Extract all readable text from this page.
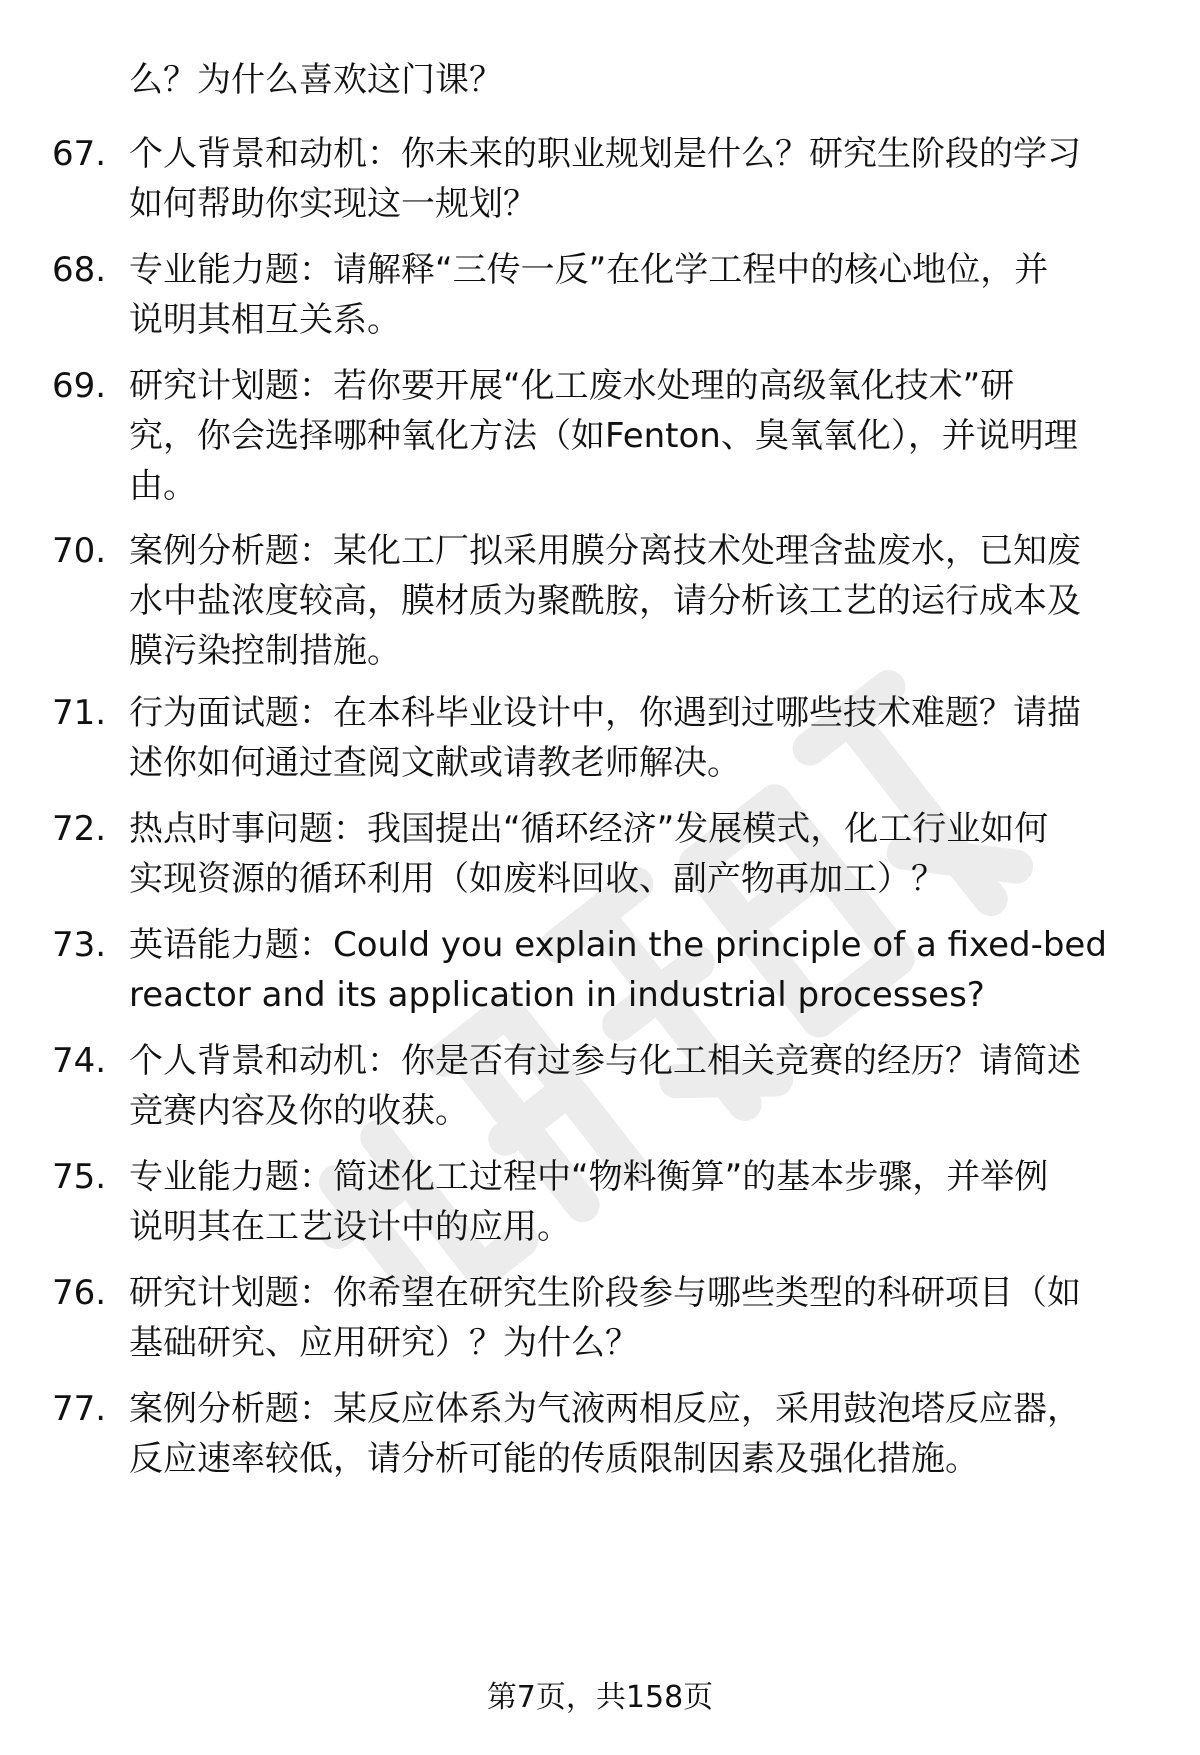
么？为什么喜欢这门课？
67. 个人背景和动机：你未来的职业规划是什么？研究生阶段的学习
如何帮助你实现这一规划？
68. 专业能力题：请解释“三传一反”在化学工程中的核心地位，并
说明其相互关系。
69. 研究计划题：若你要开展“化工废水处理的高级氧化技术”研
究，你会选择哪种氧化方法（如Fenton、臭氧氧化），并说明理
由。
70. 案例分析题：某化工厂拟采用膜分离技术处理含盐废水，已知废
水中盐浓度较高，膜材质为聚酰胺，请分析该工艺的运行成本及
膜污染控制措施。
71. 行为面试题：在本科毕业设计中，你遇到过哪些技术难题？请描
述你如何通过查阅文献或请教老师解决。
72. 热点时事问题：我国提出“循环经济”发展模式，化工行业如何
实现资源的循环利用（如废料回收、副产物再加工）？
73. 英语能力题：Could you explain the principle of a fixed-bed
reactor and its application in industrial processes?
74. 个人背景和动机：你是否有过参与化工相关竞赛的经历？请简述
竞赛内容及你的收获。
75. 专业能力题：简述化工过程中“物料衡算”的基本步骤，并举例
说明其在工艺设计中的应用。
76. 研究计划题：你希望在研究生阶段参与哪些类型的科研项目（如
基础研究、应用研究）？为什么？
77. 案例分析题：某反应体系为气液两相反应，采用鼓泡塔反应器，
反应速率较低，请分析可能的传质限制因素及强化措施。
第7页，共158页
